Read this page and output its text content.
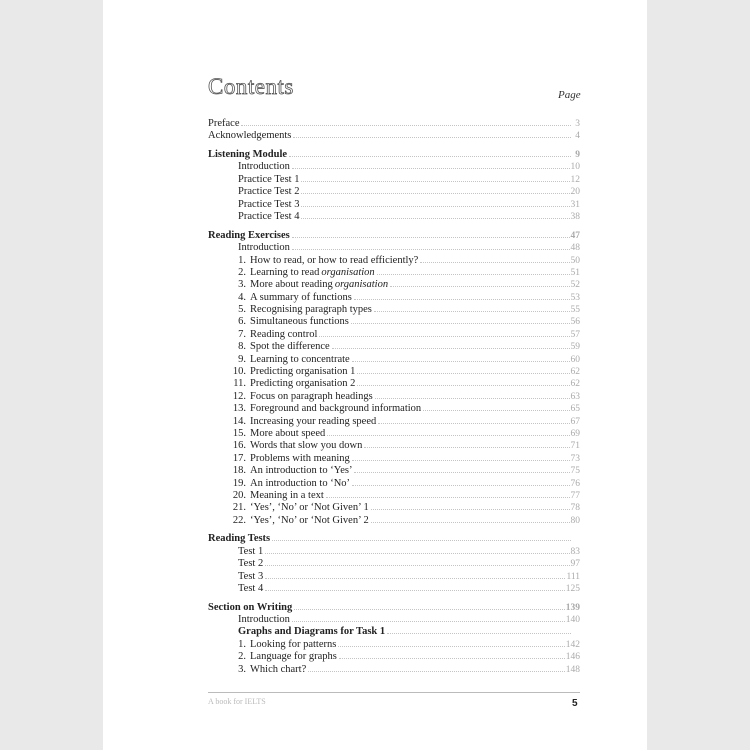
Contents	Page
Preface	3
Acknowledgements	4
Listening Module	9
Introduction	10
Practice Test 1	12
Practice Test 2	20
Practice Test 3	31
Practice Test 4	38
Reading Exercises	47
Introduction	48
1. How to read, or how to read efficiently?	50
2. Learning to read organisation	51
3. More about reading organisation	52
4. A summary of functions	53
5. Recognising paragraph types	55
6. Simultaneous functions	56
7. Reading control	57
8. Spot the difference	59
9. Learning to concentrate	60
10. Predicting organisation 1	62
11. Predicting organisation 2	62
12. Focus on paragraph headings	63
13. Foreground and background information	65
14. Increasing your reading speed	67
15. More about speed	69
16. Words that slow you down	71
17. Problems with meaning	73
18. An introduction to ‘Yes’	75
19. An introduction to ‘No’	76
20. Meaning in a text	77
21. ‘Yes’, ‘No’ or ‘Not Given’ 1	78
22. ‘Yes’, ‘No’ or ‘Not Given’ 2	80
Reading Tests
Test 1	83
Test 2	97
Test 3	111
Test 4	125
Section on Writing	139
Introduction	140
Graphs and Diagrams for Task 1
1. Looking for patterns	142
2. Language for graphs	146
3. Which chart?	148
A book for IELTS	5
